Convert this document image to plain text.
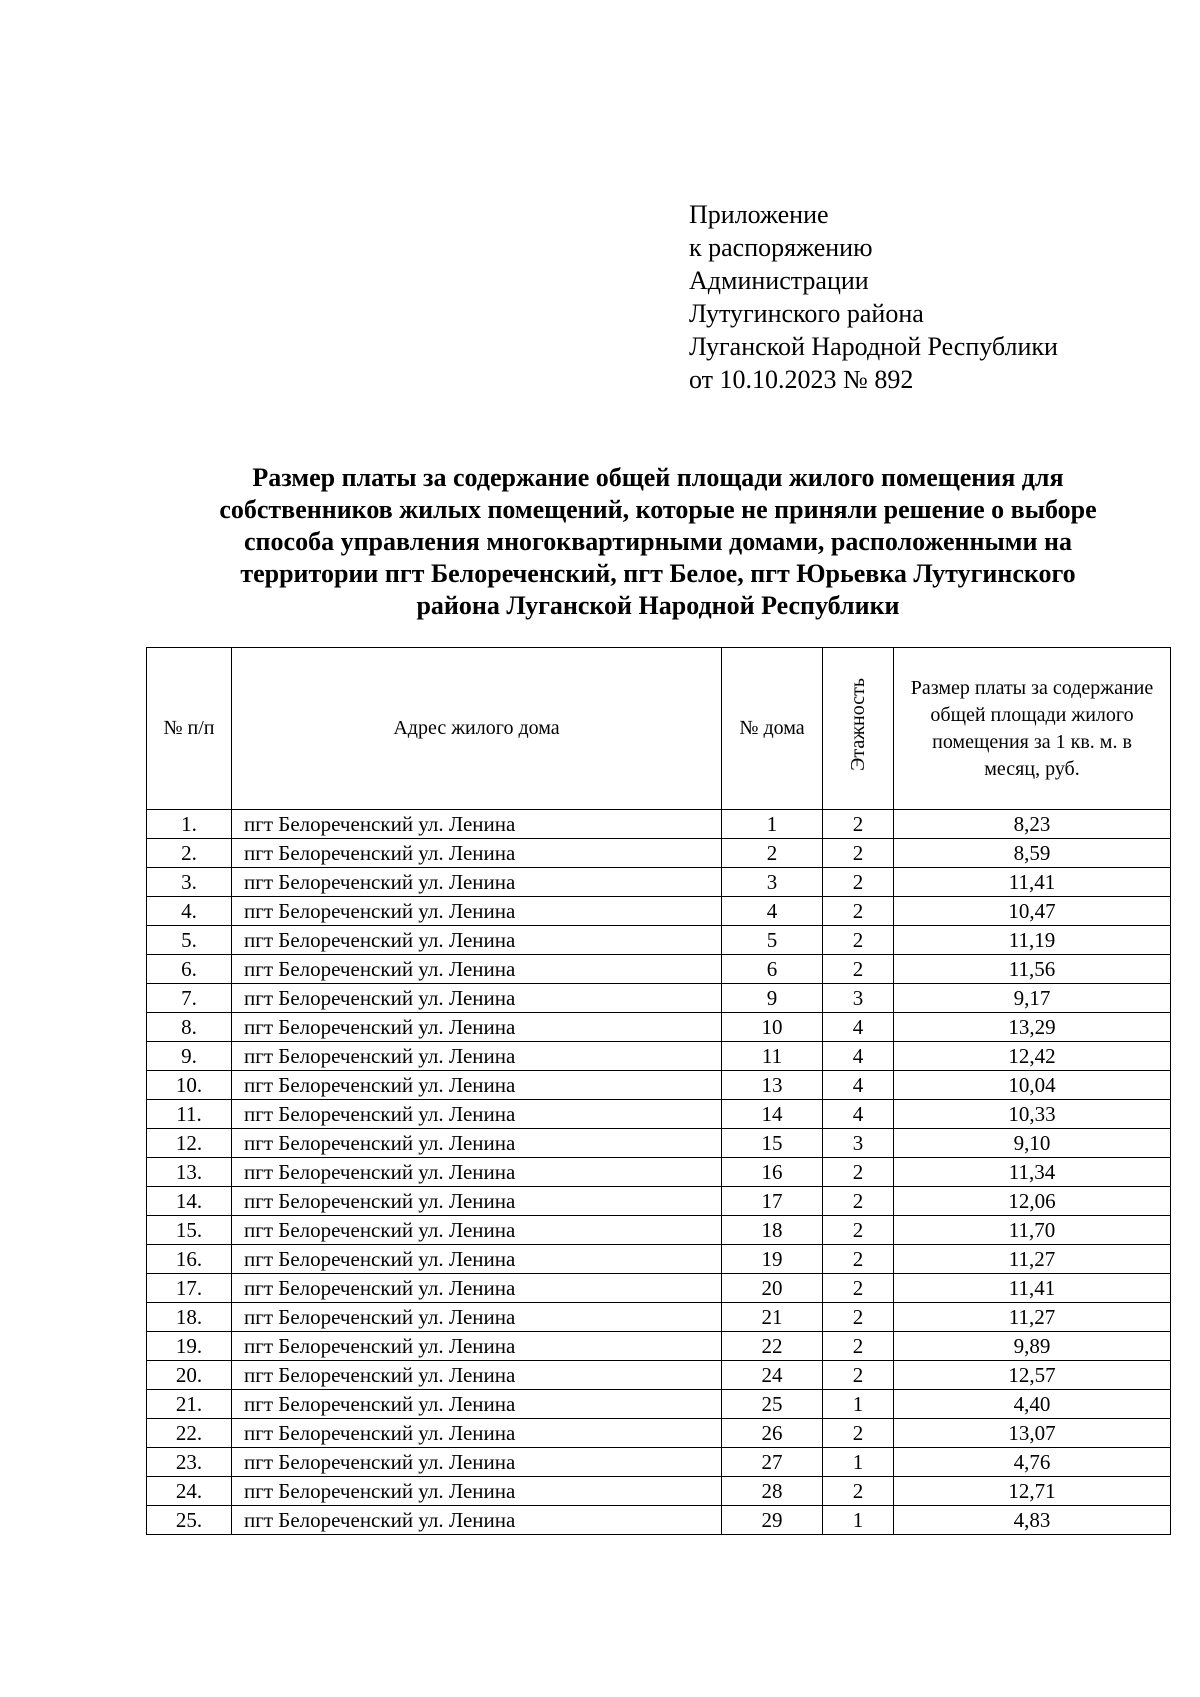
Приложение
к распоряжению
Администрации
Лутугинского района
Луганской Народной Республики
от 10.10.2023 № 892
Размер платы за содержание общей площади жилого помещения для
собственников жилых помещений, которые не приняли решение о выборе
способа управления многоквартирными домами, расположенными на
территории пгт Белореченский, пгт Белое, пгт Юрьевка Лутугинского
района Луганской Народной Республики
№ п/п	Адрес жилого дома	№ дома	Этажность	Размер платы за содержание общей площади жилого помещения за 1 кв. м. в месяц, руб.
1.	пгт Белореченский ул. Ленина	1	2	8,23
2.	пгт Белореченский ул. Ленина	2	2	8,59
3.	пгт Белореченский ул. Ленина	3	2	11,41
4.	пгт Белореченский ул. Ленина	4	2	10,47
5.	пгт Белореченский ул. Ленина	5	2	11,19
6.	пгт Белореченский ул. Ленина	6	2	11,56
7.	пгт Белореченский ул. Ленина	9	3	9,17
8.	пгт Белореченский ул. Ленина	10	4	13,29
9.	пгт Белореченский ул. Ленина	11	4	12,42
10.	пгт Белореченский ул. Ленина	13	4	10,04
11.	пгт Белореченский ул. Ленина	14	4	10,33
12.	пгт Белореченский ул. Ленина	15	3	9,10
13.	пгт Белореченский ул. Ленина	16	2	11,34
14.	пгт Белореченский ул. Ленина	17	2	12,06
15.	пгт Белореченский ул. Ленина	18	2	11,70
16.	пгт Белореченский ул. Ленина	19	2	11,27
17.	пгт Белореченский ул. Ленина	20	2	11,41
18.	пгт Белореченский ул. Ленина	21	2	11,27
19.	пгт Белореченский ул. Ленина	22	2	9,89
20.	пгт Белореченский ул. Ленина	24	2	12,57
21.	пгт Белореченский ул. Ленина	25	1	4,40
22.	пгт Белореченский ул. Ленина	26	2	13,07
23.	пгт Белореченский ул. Ленина	27	1	4,76
24.	пгт Белореченский ул. Ленина	28	2	12,71
25.	пгт Белореченский ул. Ленина	29	1	4,83
